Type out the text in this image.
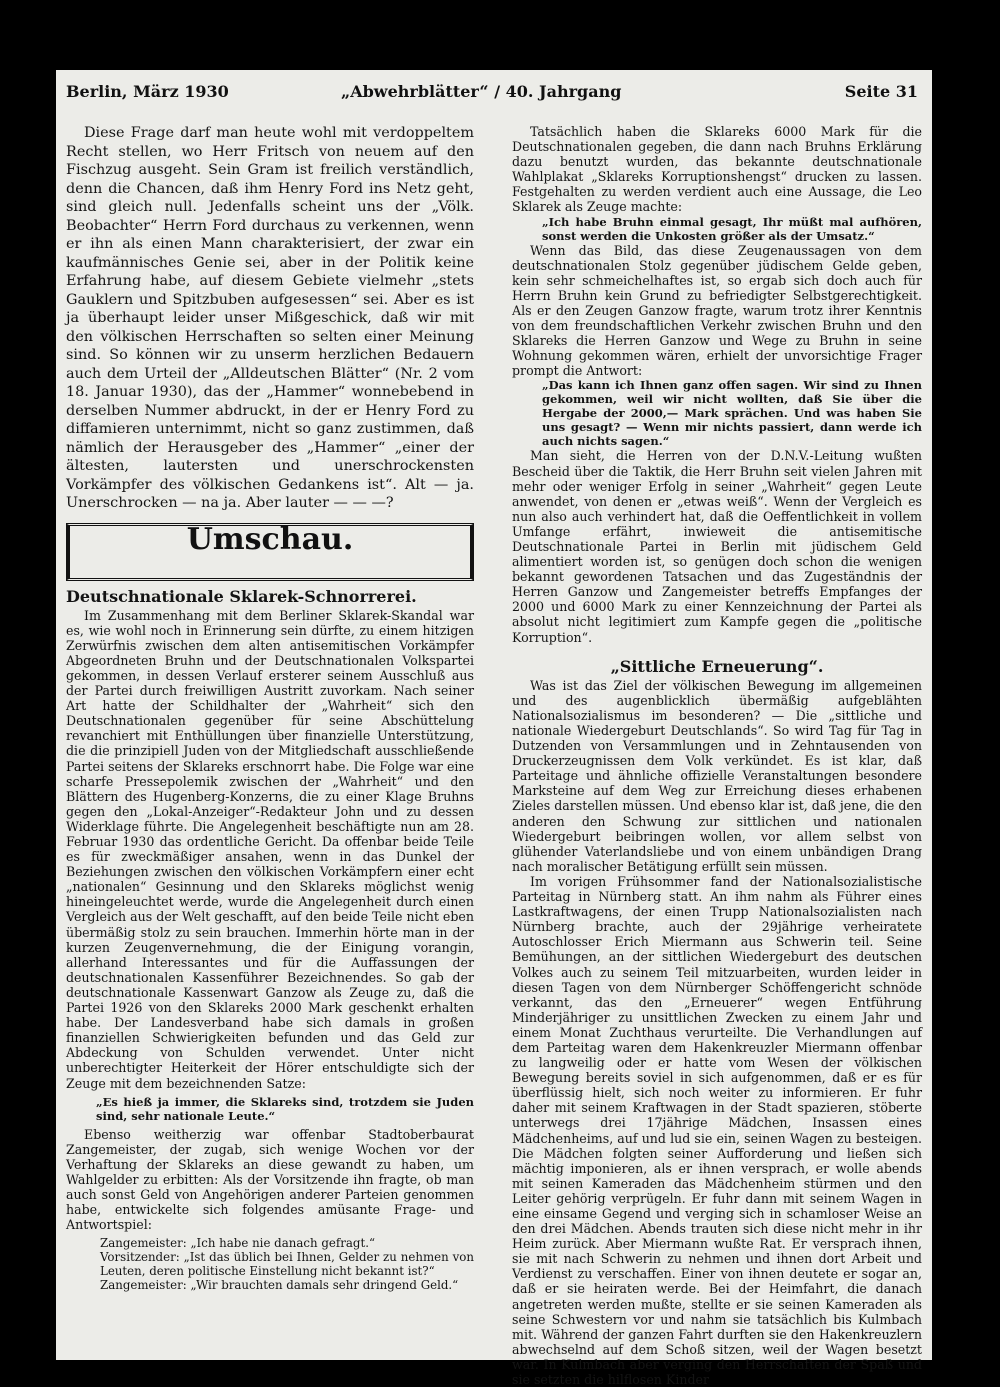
Berlin, März 1930	„Abwehrblätter“ / 40. Jahrgang	Seite 31

Diese Frage darf man heute wohl mit verdoppeltem Recht stellen, wo Herr Fritsch von neuem auf den Fischzug ausgeht. Sein Gram ist freilich verständlich, denn die Chancen, daß ihm Henry Ford ins Netz geht, sind gleich null. Jedenfalls scheint uns der „Völk. Beobachter“ Herrn Ford durchaus zu verkennen, wenn er ihn als einen Mann charakterisiert, der zwar ein kaufmännisches Genie sei, aber in der Politik keine Erfahrung habe, auf diesem Gebiete vielmehr „stets Gauklern und Spitzbuben aufgesessen“ sei. Aber es ist ja überhaupt leider unser Mißgeschick, daß wir mit den völkischen Herrschaften so selten einer Meinung sind. So können wir zu unserm herzlichen Bedauern auch dem Urteil der „Alldeutschen Blätter“ (Nr. 2 vom 18. Januar 1930), das der „Hammer“ wonnebebend in derselben Nummer abdruckt, in der er Henry Ford zu diffamieren unternimmt, nicht so ganz zustimmen, daß nämlich der Herausgeber des „Hammer“ „einer der ältesten, lautersten und unerschrockensten Vorkämpfer des völkischen Gedankens ist“. Alt — ja. Unerschrocken — na ja. Aber lauter — — —?

Umschau.
Deutschnationale Sklarek-Schnorrerei.

Im Zusammenhang mit dem Berliner Sklarek-Skandal war es, wie wohl noch in Erinnerung sein dürfte, zu einem hitzigen Zerwürfnis zwischen dem alten antisemitischen Vorkämpfer Abgeordneten Bruhn und der Deutschnationalen Volkspartei gekommen, in dessen Verlauf ersterer seinem Ausschluß aus der Partei durch freiwilligen Austritt zuvorkam. Nach seiner Art hatte der Schildhalter der „Wahrheit“ sich den Deutschnationalen gegenüber für seine Abschüttelung revanchiert mit Enthüllungen über finanzielle Unterstützung, die die prinzipiell Juden von der Mitgliedschaft ausschließende Partei seitens der Sklareks erschnorrt habe. Die Folge war eine scharfe Pressepolemik zwischen der „Wahrheit“ und den Blättern des Hugenberg-Konzerns, die zu einer Klage Bruhns gegen den „Lokal-Anzeiger“-Redakteur John und zu dessen Widerklage führte. Die Angelegenheit beschäftigte nun am 28. Februar 1930 das ordentliche Gericht. Da offenbar beide Teile es für zweckmäßiger ansahen, wenn in das Dunkel der Beziehungen zwischen den völkischen Vorkämpfern einer echt „nationalen“ Gesinnung und den Sklareks möglichst wenig hineingeleuchtet werde, wurde die Angelegenheit durch einen Vergleich aus der Welt geschafft, auf den beide Teile nicht eben übermäßig stolz zu sein brauchen. Immerhin hörte man in der kurzen Zeugenvernehmung, die der Einigung vorangin, allerhand Interessantes und für die Auffassungen der deutschnationalen Kassenführer Bezeichnendes. So gab der deutschnationale Kassenwart Ganzow als Zeuge zu, daß die Partei 1926 von den Sklareks 2000 Mark geschenkt erhalten habe. Der Landesverband habe sich damals in großen finanziellen Schwierigkeiten befunden und das Geld zur Abdeckung von Schulden verwendet. Unter nicht unberechtigter Heiterkeit der Hörer entschuldigte sich der Zeuge mit dem bezeichnenden Satze:

„Es hieß ja immer, die Sklareks sind, trotzdem sie Juden sind, sehr nationale Leute.“

Ebenso weitherzig war offenbar Stadtoberbaurat Zangemeister, der zugab, sich wenige Wochen vor der Verhaftung der Sklareks an diese gewandt zu haben, um Wahlgelder zu erbitten: Als der Vorsitzende ihn fragte, ob man auch sonst Geld von Angehörigen anderer Parteien genommen habe, entwickelte sich folgendes amüsante Frage- und Antwortspiel:

Zangemeister: „Ich habe nie danach gefragt.“

Vorsitzender: „Ist das üblich bei Ihnen, Gelder zu nehmen von Leuten, deren politische Einstellung nicht bekannt ist?“

Zangemeister: „Wir brauchten damals sehr dringend Geld.“

Tatsächlich haben die Sklareks 6000 Mark für die Deutschnationalen gegeben, die dann nach Bruhns Erklärung dazu benutzt wurden, das bekannte deutschnationale Wahlplakat „Sklareks Korruptionshengst“ drucken zu lassen. Festgehalten zu werden verdient auch eine Aussage, die Leo Sklarek als Zeuge machte:

„Ich habe Bruhn einmal gesagt, Ihr müßt mal aufhören, sonst werden die Unkosten größer als der Umsatz.“

Wenn das Bild, das diese Zeugenaussagen von dem deutschnationalen Stolz gegenüber jüdischem Gelde geben, kein sehr schmeichelhaftes ist, so ergab sich doch auch für Herrn Bruhn kein Grund zu befriedigter Selbstgerechtigkeit. Als er den Zeugen Ganzow fragte, warum trotz ihrer Kenntnis von dem freundschaftlichen Verkehr zwischen Bruhn und den Sklareks die Herren Ganzow und Wege zu Bruhn in seine Wohnung gekommen wären, erhielt der unvorsichtige Frager prompt die Antwort:

„Das kann ich Ihnen ganz offen sagen. Wir sind zu Ihnen gekommen, weil wir nicht wollten, daß Sie über die Hergabe der 2000,— Mark sprächen. Und was haben Sie uns gesagt? — Wenn mir nichts passiert, dann werde ich auch nichts sagen.“

Man sieht, die Herren von der D.N.V.-Leitung wußten Bescheid über die Taktik, die Herr Bruhn seit vielen Jahren mit mehr oder weniger Erfolg in seiner „Wahrheit“ gegen Leute anwendet, von denen er „etwas weiß“. Wenn der Vergleich es nun also auch verhindert hat, daß die Oeffentlichkeit in vollem Umfange erfährt, inwieweit die antisemitische Deutschnationale Partei in Berlin mit jüdischem Geld alimentiert worden ist, so genügen doch schon die wenigen bekannt gewordenen Tatsachen und das Zugeständnis der Herren Ganzow und Zangemeister betreffs Empfanges der 2000 und 6000 Mark zu einer Kennzeichnung der Partei als absolut nicht legitimiert zum Kampfe gegen die „politische Korruption“.

„Sittliche Erneuerung“.

Was ist das Ziel der völkischen Bewegung im allgemeinen und des augenblicklich übermäßig aufgeblähten Nationalsozialismus im besonderen? — Die „sittliche und nationale Wiedergeburt Deutschlands“. So wird Tag für Tag in Dutzenden von Versammlungen und in Zehntausenden von Druckerzeugnissen dem Volk verkündet. Es ist klar, daß Parteitage und ähnliche offizielle Veranstaltungen besondere Marksteine auf dem Weg zur Erreichung dieses erhabenen Zieles darstellen müssen. Und ebenso klar ist, daß jene, die den anderen den Schwung zur sittlichen und nationalen Wiedergeburt beibringen wollen, vor allem selbst von glühender Vaterlandsliebe und von einem unbändigen Drang nach moralischer Betätigung erfüllt sein müssen.

Im vorigen Frühsommer fand der Nationalsozialistische Parteitag in Nürnberg statt. An ihm nahm als Führer eines Lastkraftwagens, der einen Trupp Nationalsozialisten nach Nürnberg brachte, auch der 29jährige verheiratete Autoschlosser Erich Miermann aus Schwerin teil. Seine Bemühungen, an der sittlichen Wiedergeburt des deutschen Volkes auch zu seinem Teil mitzuarbeiten, wurden leider in diesen Tagen von dem Nürnberger Schöffengericht schnöde verkannt, das den „Erneuerer“ wegen Entführung Minderjähriger zu unsittlichen Zwecken zu einem Jahr und einem Monat Zuchthaus verurteilte. Die Verhandlungen auf dem Parteitag waren dem Hakenkreuzler Miermann offenbar zu langweilig oder er hatte vom Wesen der völkischen Bewegung bereits soviel in sich aufgenommen, daß er es für überflüssig hielt, sich noch weiter zu informieren. Er fuhr daher mit seinem Kraftwagen in der Stadt spazieren, stöberte unterwegs drei 17jährige Mädchen, Insassen eines Mädchenheims, auf und lud sie ein, seinen Wagen zu besteigen. Die Mädchen folgten seiner Aufforderung und ließen sich mächtig imponieren, als er ihnen versprach, er wolle abends mit seinen Kameraden das Mädchenheim stürmen und den Leiter gehörig verprügeln. Er fuhr dann mit seinem Wagen in eine einsame Gegend und verging sich in schamloser Weise an den drei Mädchen. Abends trauten sich diese nicht mehr in ihr Heim zurück. Aber Miermann wußte Rat. Er versprach ihnen, sie mit nach Schwerin zu nehmen und ihnen dort Arbeit und Verdienst zu verschaffen. Einer von ihnen deutete er sogar an, daß er sie heiraten werde. Bei der Heimfahrt, die danach angetreten werden mußte, stellte er sie seinen Kameraden als seine Schwestern vor und nahm sie tatsächlich bis Kulmbach mit. Während der ganzen Fahrt durften sie den Hakenkreuzlern abwechselnd auf dem Schoß sitzen, weil der Wagen besetzt war. In Kulmbach aber verging den Herrschaften der Spaß und sie setzten die hilflosen Kinder
